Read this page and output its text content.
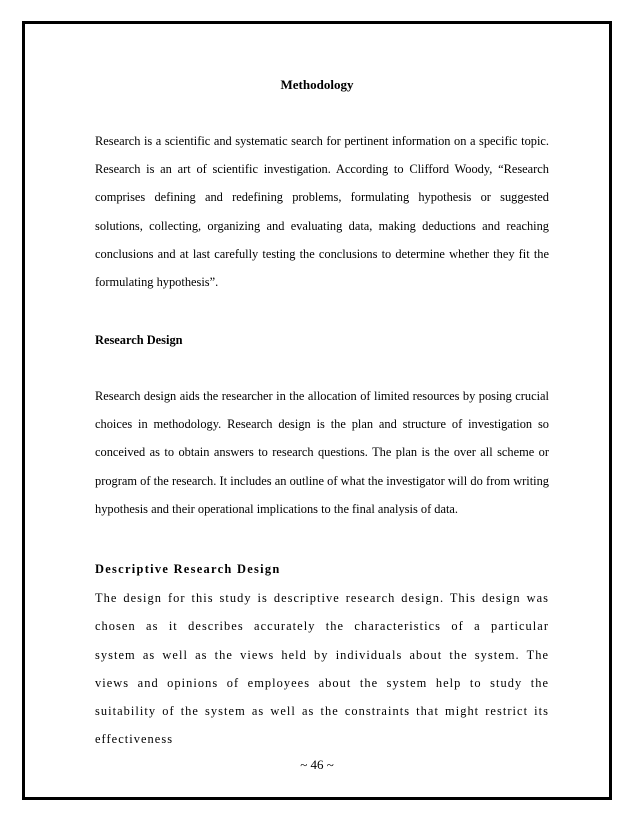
Methodology

Research is a scientific and systematic search for pertinent information on a specific topic. Research is an art of scientific investigation. According to Clifford Woody, “Research comprises defining and redefining problems, formulating hypothesis or suggested solutions, collecting, organizing and evaluating data, making deductions and reaching conclusions and at last carefully testing the conclusions to determine whether they fit the formulating hypothesis”.

Research Design

Research design aids the researcher in the allocation of limited resources by posing crucial choices in methodology. Research design is the plan and structure of investigation so conceived as to obtain answers to research questions. The plan is the over all scheme or program of the research. It includes an outline of what the investigator will do from writing hypothesis and their operational implications to the final analysis of data.

Descriptive Research Design

The design for this study is descriptive research design. This design was chosen as it describes accurately the characteristics of a particular system as well as the views held by individuals about the system. The views and opinions of employees about the system help to study the suitability of the system as well as the constraints that might restrict its effectiveness

~ 46 ~
